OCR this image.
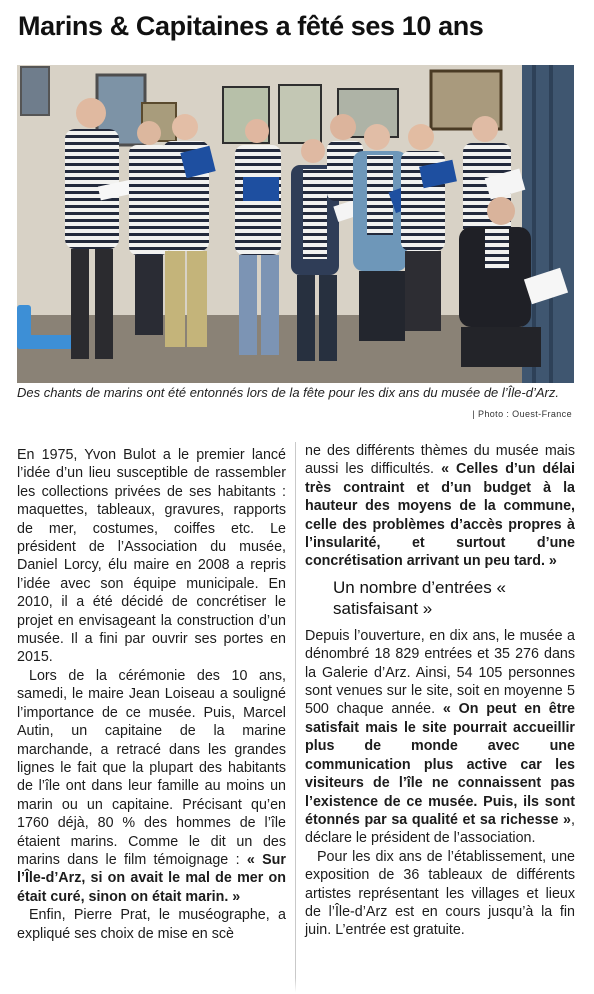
Marins & Capitaines a fêté ses 10 ans
Des chants de marins ont été entonnés lors de la fête pour les dix ans du musée de l’Île-d’Arz.
| Photo : Ouest-France

En 1975, Yvon Bulot a le premier lancé l’idée d’un lieu susceptible de rassembler les collections privées de ses habitants : maquettes, tableaux, gravures, rapports de mer, costumes, coiffes etc. Le président de l’Association du musée, Daniel Lorcy, élu maire en 2008 a repris l’idée avec son équipe municipale. En 2010, il a été décidé de concrétiser le projet en envisageant la construction d’un musée. Il a fini par ouvrir ses portes en 2015.

Lors de la cérémonie des 10 ans, samedi, le maire Jean Loiseau a souligné l’importance de ce musée. Puis, Marcel Autin, un capitaine de la marine marchande, a retracé dans les grandes lignes le fait que la plupart des habitants de l’île ont dans leur famille au moins un marin ou un capitaine. Précisant qu’en 1760 déjà, 80 % des hommes de l’île étaient marins. Comme le dit un des marins dans le film témoignage : « Sur l’Île-d’Arz, si on avait le mal de mer on était curé, sinon on était marin. »

Enfin, Pierre Prat, le muséographe, a expliqué ses choix de mise en scè

ne des différents thèmes du musée mais aussi les difficultés. « Celles d’un délai très contraint et d’un budget à la hauteur des moyens de la commune, celle des problèmes d’accès propres à l’insularité, et surtout d’une concrétisation arrivant un peu tard. »

Un nombre d’entrées « satisfaisant »

Depuis l’ouverture, en dix ans, le musée a dénombré 18 829 entrées et 35 276 dans la Galerie d’Arz. Ainsi, 54 105 personnes sont venues sur le site, soit en moyenne 5 500 chaque année. « On peut en être satisfait mais le site pourrait accueillir plus de monde avec une communication plus active car les visiteurs de l’île ne connaissent pas l’existence de ce musée. Puis, ils sont étonnés par sa qualité et sa richesse », déclare le président de l’association.

Pour les dix ans de l’établissement, une exposition de 36 tableaux de différents artistes représentant les villages et lieux de l’Île-d’Arz est en cours jusqu’à la fin juin. L’entrée est gratuite.
